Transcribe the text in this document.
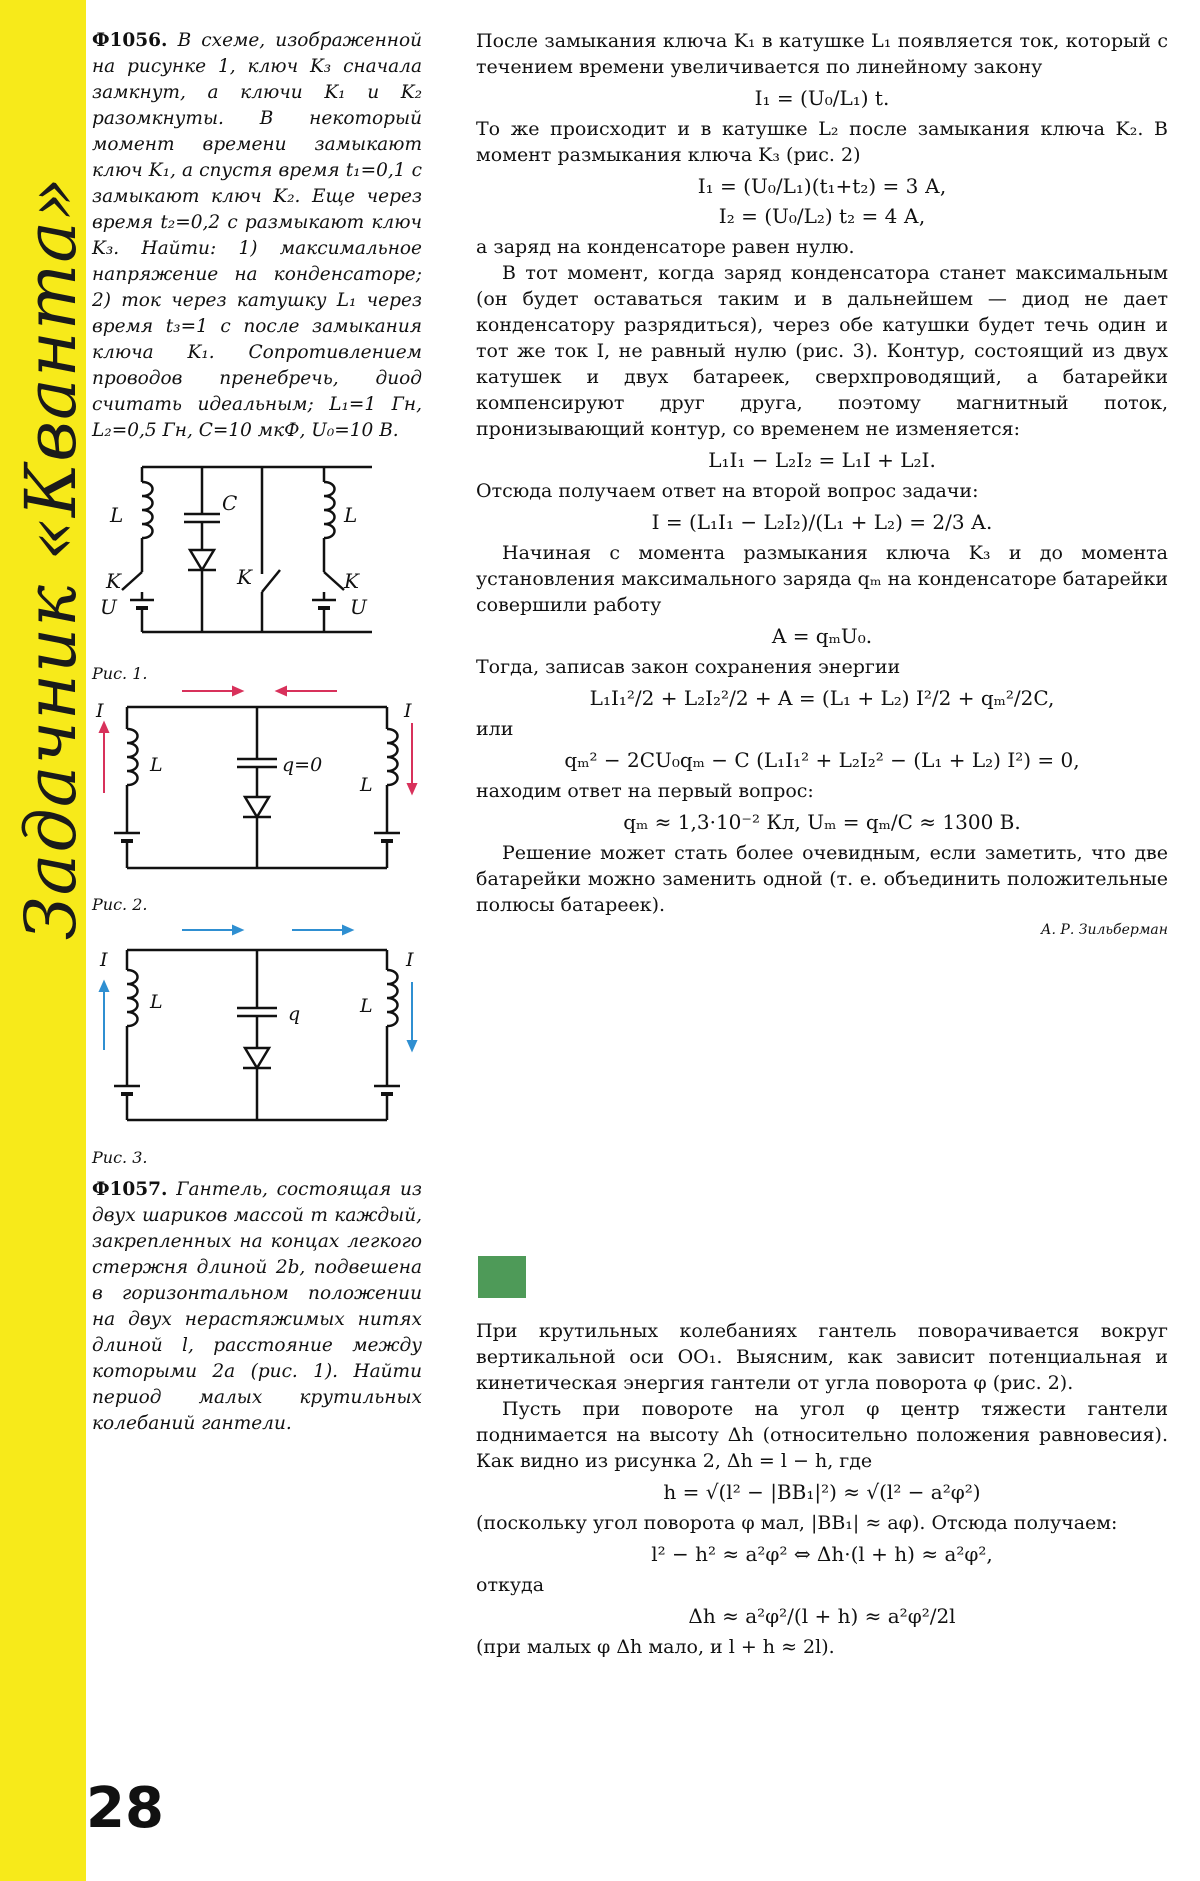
Задачник «Кванта»
28

Ф1056. В схеме, изображенной на рисунке 1, ключ K₃ сначала замкнут, а ключи K₁ и K₂ разомкнуты. В некоторый момент времени замыкают ключ K₁, а спустя время t₁=0,1 с замыкают ключ K₂. Еще через время t₂=0,2 с размыкают ключ K₃. Найти: 1) максимальное напряжение на конденсаторе; 2) ток через катушку L₁ через время t₃=1 с после замыкания ключа K₁. Сопротивлением проводов пренебречь, диод считать идеальным; L₁=1 Гн, L₂=0,5 Гн, C=10 мкФ, U₀=10 В.

L	C
K	K	K
L
U	U

Рис. 1.

I
L	q=0
L
I

Рис. 2.

I
L
q	L
I

Рис. 3.

Ф1057. Гантель, состоящая из двух шариков массой m каждый, закрепленных на концах легкого стержня длиной 2b, подвешена в горизонтальном положении на двух нерастяжимых нитях длиной l, расстояние между которыми 2a (рис. 1). Найти период малых крутильных колебаний гантели.

После замыкания ключа K₁ в катушке L₁ появляется ток, который с течением времени увеличивается по линейному закону

I₁ = (U₀/L₁) t.

То же происходит и в катушке L₂ после замыкания ключа K₂. В момент размыкания ключа K₃ (рис. 2)

I₁ = (U₀/L₁)(t₁+t₂) = 3 А,
I₂ = (U₀/L₂) t₂ = 4 А,

а заряд на конденсаторе равен нулю.

В тот момент, когда заряд конденсатора станет максимальным (он будет оставаться таким и в дальнейшем — диод не дает конденсатору разрядиться), через обе катушки будет течь один и тот же ток I, не равный нулю (рис. 3). Контур, состоящий из двух катушек и двух батареек, сверхпроводящий, а батарейки компенсируют друг друга, поэтому магнитный поток, пронизывающий контур, со временем не изменяется:

L₁I₁ − L₂I₂ = L₁I + L₂I.

Отсюда получаем ответ на второй вопрос задачи:

I = (L₁I₁ − L₂I₂)/(L₁ + L₂) = 2/3 А.

Начиная с момента размыкания ключа K₃ и до момента установления максимального заряда qₘ на конденсаторе батарейки совершили работу

A = qₘU₀.

Тогда, записав закон сохранения энергии

L₁I₁²/2 + L₂I₂²/2 + A = (L₁ + L₂) I²/2 + qₘ²/2C,

или

qₘ² − 2CU₀qₘ − C (L₁I₁² + L₂I₂² − (L₁ + L₂) I²) = 0,

находим ответ на первый вопрос:

qₘ ≈ 1,3·10⁻² Кл, Uₘ = qₘ/C ≈ 1300 В.

Решение может стать более очевидным, если заметить, что две батарейки можно заменить одной (т. е. объединить положительные полюсы батареек).

А. Р. Зильберман

При крутильных колебаниях гантель поворачивается вокруг вертикальной оси OO₁. Выясним, как зависит потенциальная и кинетическая энергия гантели от угла поворота φ (рис. 2).

Пусть при повороте на угол φ центр тяжести гантели поднимается на высоту Δh (относительно положения равновесия). Как видно из рисунка 2, Δh = l − h, где

h = √(l² − |BB₁|²) ≈ √(l² − a²φ²)

(поскольку угол поворота φ мал, |BB₁| ≈ aφ). Отсюда получаем:

l² − h² ≈ a²φ² ⇔ Δh·(l + h) ≈ a²φ²,

откуда

Δh ≈ a²φ²/(l + h) ≈ a²φ²/2l

(при малых φ Δh мало, и l + h ≈ 2l).
